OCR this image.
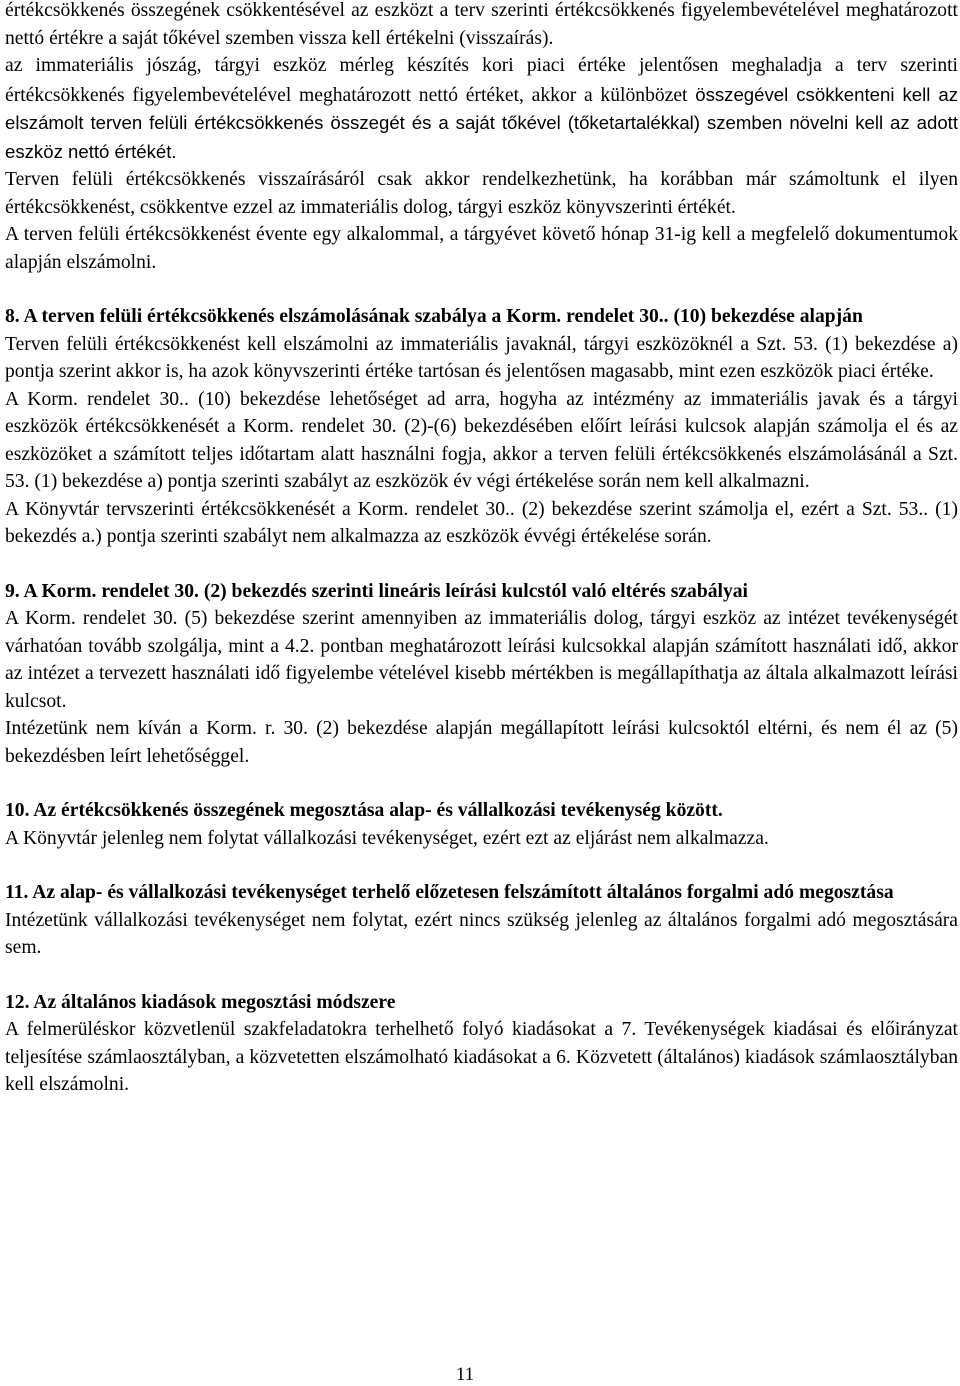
értékcsökkenés összegének csökkentésével az eszközt a terv szerinti értékcsökkenés figyelembevételével meghatározott nettó értékre a saját tőkével szemben vissza kell értékelni (visszaírás).

az immateriális jószág, tárgyi eszköz mérleg készítés kori piaci értéke jelentősen meghaladja a terv szerinti értékcsökkenés figyelembevételével meghatározott nettó értéket, akkor a különbözet összegével csökkenteni kell az elszámolt terven felüli értékcsökkenés összegét és a saját tőkével (tőketartalékkal) szemben növelni kell az adott eszköz nettó értékét.

Terven felüli értékcsökkenés visszaírásáról csak akkor rendelkezhetünk, ha korábban már számoltunk el ilyen értékcsökkenést, csökkentve ezzel az immateriális dolog, tárgyi eszköz könyvszerinti értékét.

A terven felüli értékcsökkenést évente egy alkalommal, a tárgyévet követő hónap 31-ig kell a megfelelő dokumentumok alapján elszámolni.

8. A terven felüli értékcsökkenés elszámolásának szabálya a Korm. rendelet 30.. (10) bekezdése alapján

Terven felüli értékcsökkenést kell elszámolni az immateriális javaknál, tárgyi eszközöknél a Szt. 53. (1) bekezdése a) pontja szerint akkor is, ha azok könyvszerinti értéke tartósan és jelentősen magasabb, mint ezen eszközök piaci értéke.

A Korm. rendelet 30.. (10) bekezdése lehetőséget ad arra, hogyha az intézmény az immateriális javak és a tárgyi eszközök értékcsökkenését a Korm. rendelet 30. (2)-(6) bekezdésében előírt leírási kulcsok alapján számolja el és az eszközöket a számított teljes időtartam alatt használni fogja, akkor a terven felüli értékcsökkenés elszámolásánál a Szt. 53. (1) bekezdése a) pontja szerinti szabályt az eszközök év végi értékelése során nem kell alkalmazni.

A Könyvtár tervszerinti értékcsökkenését a Korm. rendelet 30.. (2) bekezdése szerint számolja el, ezért a Szt. 53.. (1) bekezdés a.) pontja szerinti szabályt nem alkalmazza az eszközök évvégi értékelése során.

9. A Korm. rendelet 30. (2) bekezdés szerinti lineáris leírási kulcstól való eltérés szabályai

A Korm. rendelet 30. (5) bekezdése szerint amennyiben az immateriális dolog, tárgyi eszköz az intézet tevékenységét várhatóan tovább szolgálja, mint a 4.2. pontban meghatározott leírási kulcsokkal alapján számított használati idő, akkor az intézet a tervezett használati idő figyelembe vételével kisebb mértékben is megállapíthatja az általa alkalmazott leírási kulcsot.

Intézetünk nem kíván a Korm. r. 30. (2) bekezdése alapján megállapított leírási kulcsoktól eltérni, és nem él az (5) bekezdésben leírt lehetőséggel.

10. Az értékcsökkenés összegének megosztása alap- és vállalkozási tevékenység között.

A Könyvtár jelenleg nem folytat vállalkozási tevékenységet, ezért ezt az eljárást nem alkalmazza.

11. Az alap- és vállalkozási tevékenységet terhelő előzetesen felszámított általános forgalmi adó megosztása

Intézetünk vállalkozási tevékenységet nem folytat, ezért nincs szükség jelenleg az általános forgalmi adó megosztására sem.

12. Az általános kiadások megosztási módszere

A felmerüléskor közvetlenül szakfeladatokra terhelhető folyó kiadásokat a 7. Tevékenységek kiadásai és előirányzat teljesítése számlaosztályban, a közvetetten elszámolható kiadásokat a 6. Közvetett (általános) kiadások számlaosztályban kell elszámolni.

11
